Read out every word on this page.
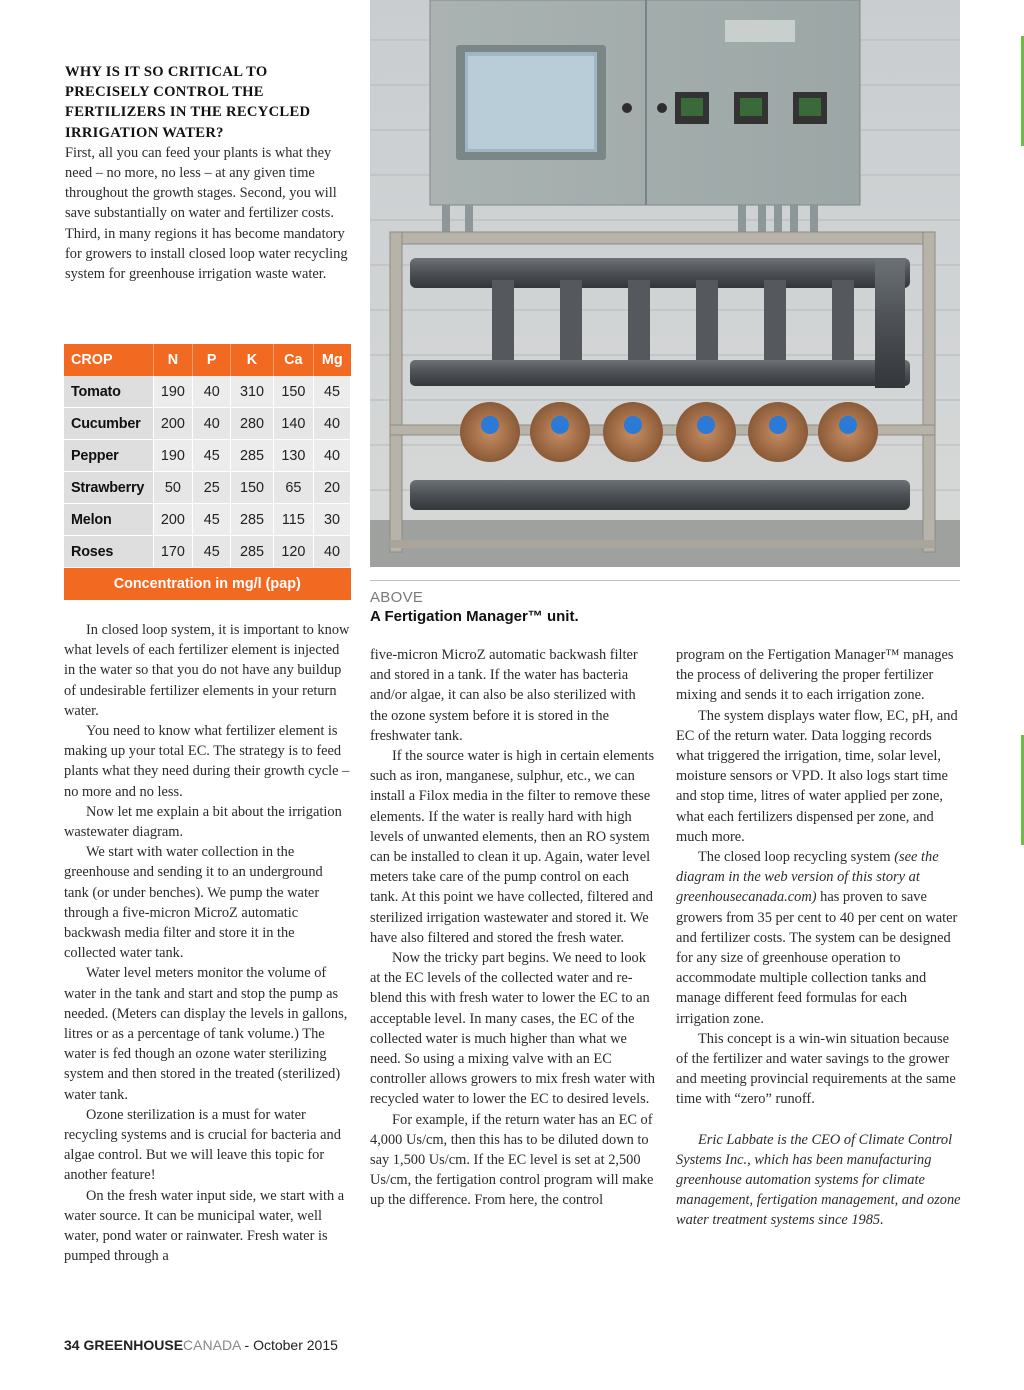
WHY IS IT SO CRITICAL TO PRECISELY CONTROL THE FERTILIZERS IN THE RECYCLED IRRIGATION WATER?

First, all you can feed your plants is what they need – no more, no less – at any given time throughout the growth stages. Second, you will save substantially on water and fertilizer costs. Third, in many regions it has become mandatory for growers to install closed loop water recycling system for greenhouse irrigation waste water.

CROP	N	P	K	Ca	Mg
Tomato	190	40	310	150	45
Cucumber	200	40	280	140	40
Pepper	190	45	285	130	40
Strawberry	50	25	150	65	20
Melon	200	45	285	115	30
Roses	170	45	285	120	40
Concentration in mg/l (pap)					
ABOVE
A Fertigation Manager™ unit.

In closed loop system, it is important to know what levels of each fertilizer element is injected in the water so that you do not have any buildup of undesirable fertilizer elements in your return water.

You need to know what fertilizer element is making up your total EC. The strategy is to feed plants what they need during their growth cycle – no more and no less.

Now let me explain a bit about the irrigation wastewater diagram.

We start with water collection in the greenhouse and sending it to an underground tank (or under benches). We pump the water through a five-micron MicroZ automatic backwash media filter and store it in the collected water tank.

Water level meters monitor the volume of water in the tank and start and stop the pump as needed. (Meters can display the levels in gallons, litres or as a percentage of tank volume.) The water is fed though an ozone water sterilizing system and then stored in the treated (sterilized) water tank.

Ozone sterilization is a must for water recycling systems and is crucial for bacteria and algae control. But we will leave this topic for another feature!

On the fresh water input side, we start with a water source. It can be municipal water, well water, pond water or rainwater. Fresh water is pumped through a

five-micron MicroZ automatic backwash filter and stored in a tank. If the water has bacteria and/or algae, it can also be also sterilized with the ozone system before it is stored in the freshwater tank.

If the source water is high in certain elements such as iron, manganese, sulphur, etc., we can install a Filox media in the filter to remove these elements. If the water is really hard with high levels of unwanted elements, then an RO system can be installed to clean it up. Again, water level meters take care of the pump control on each tank. At this point we have collected, filtered and sterilized irrigation wastewater and stored it. We have also filtered and stored the fresh water.

Now the tricky part begins. We need to look at the EC levels of the collected water and re-blend this with fresh water to lower the EC to an acceptable level. In many cases, the EC of the collected water is much higher than what we need. So using a mixing valve with an EC controller allows growers to mix fresh water with recycled water to lower the EC to desired levels.

For example, if the return water has an EC of 4,000 Us/cm, then this has to be diluted down to say 1,500 Us/cm. If the EC level is set at 2,500 Us/cm, the fertigation control program will make up the difference. From here, the control

program on the Fertigation Manager™ manages the process of delivering the proper fertilizer mixing and sends it to each irrigation zone.

The system displays water flow, EC, pH, and EC of the return water. Data logging records what triggered the irrigation, time, solar level, moisture sensors or VPD. It also logs start time and stop time, litres of water applied per zone, what each fertilizers dispensed per zone, and much more.

The closed loop recycling system (see the diagram in the web version of this story at greenhousecanada.com) has proven to save growers from 35 per cent to 40 per cent on water and fertilizer costs. The system can be designed for any size of greenhouse operation to accommodate multiple collection tanks and manage different feed formulas for each irrigation zone.

This concept is a win-win situation because of the fertilizer and water savings to the grower and meeting provincial requirements at the same time with “zero” runoff.

Eric Labbate is the CEO of Climate Control Systems Inc., which has been manufacturing greenhouse automation systems for climate management, fertigation management, and ozone water treatment systems since 1985.

34 GREENHOUSECANADA - October 2015
